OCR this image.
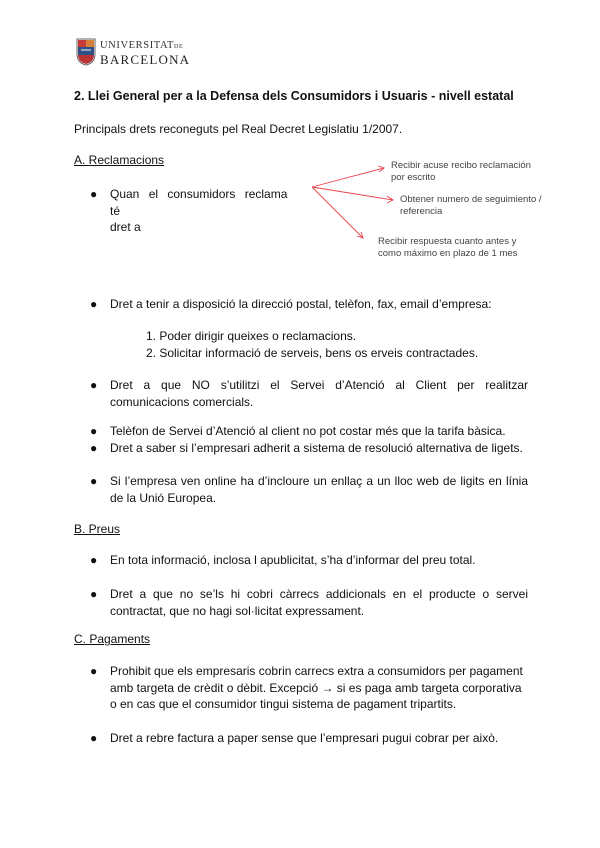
UNIVERSITATDE
BARCELONA
2. Llei General per a la Defensa dels Consumidors i Usuaris - nivell estatal
Principals drets reconeguts pel Real Decret Legislatiu 1/2007.
A. Reclamacions
● Quan el consumidors reclama té
dret a
Recibir acuse recibo reclamación
por escrito
Obtener numero de seguimiento /
referencia
Recibir respuesta cuanto antes y
como máximo en plazo de 1 mes
● Dret a tenir a disposició la direcció postal, telèfon, fax, email d’empresa:
1. Poder dirigir queixes o reclamacions.
2. Solicitar informació de serveis, bens os erveis contractades.
● Dret a que NO s’utilitzi el Servei d’Atenció al Client per realitzar comunicacions comercials.
● Telèfon de Servei d’Atenció al client no pot costar més que la tarifa bàsica.
● Dret a saber si l’empresari adherit a sistema de resolució alternativa de ligets.
● Si l’empresa ven online ha d’incloure un enllaç a un lloc web de ligits en línia de la Unió Europea.
B. Preus
● En tota informació, inclosa l apublicitat, s’ha d’informar del preu total.
● Dret a que no se’ls hi cobri càrrecs addicionals en el producte o servei contractat, que no hagi sol·licitat expressament.
C. Pagaments
● Prohibit que els empresaris cobrin carrecs extra a consumidors per pagament amb targeta de crèdit o dèbit. Excepció → si es paga amb targeta corporativa o en cas que el consumidor tingui sistema de pagament tripartits.
● Dret a rebre factura a paper sense que l’empresari pugui cobrar per això.
